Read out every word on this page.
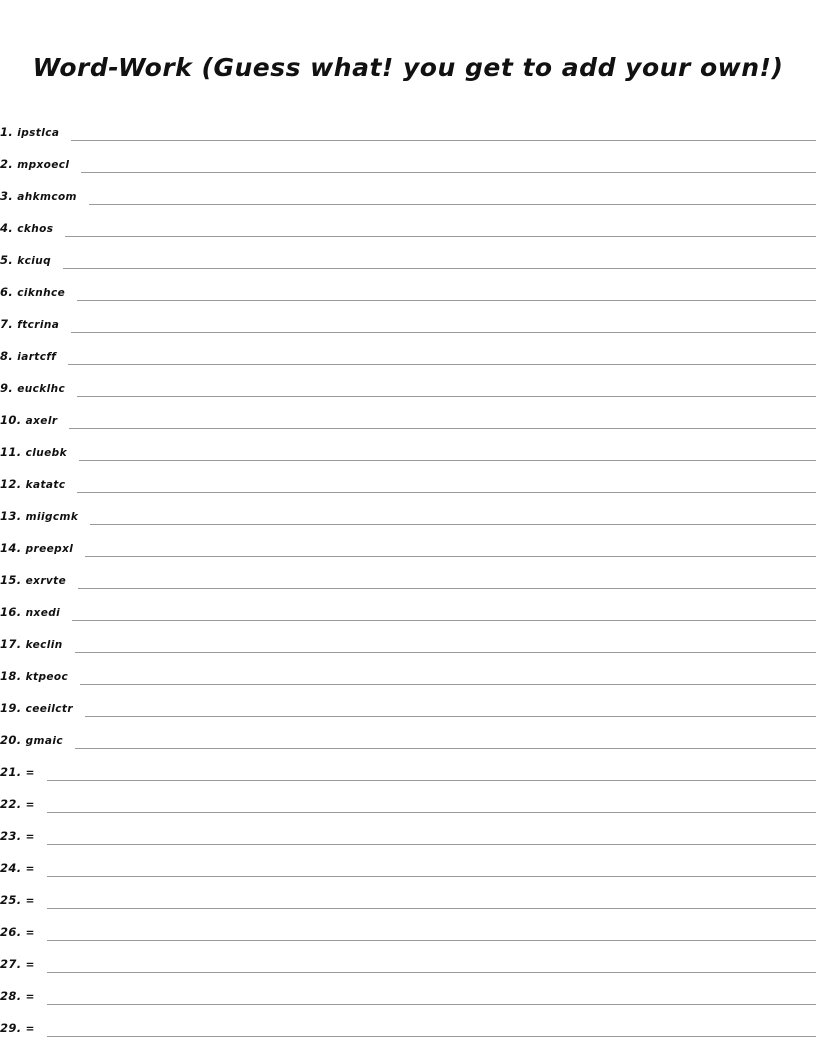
Word-Work (Guess what! you get to add your own!)
1. ipstlca
2. mpxoecl
3. ahkmcom
4. ckhos
5. kciuq
6. ciknhce
7. ftcrina
8. iartcff
9. eucklhc
10. axelr
11. cluebk
12. katatc
13. miigcmk
14. preepxl
15. exrvte
16. nxedi
17. keclin
18. ktpeoc
19. ceeilctr
20. gmaic
21. =
22. =
23. =
24. =
25. =
26. =
27. =
28. =
29. =
